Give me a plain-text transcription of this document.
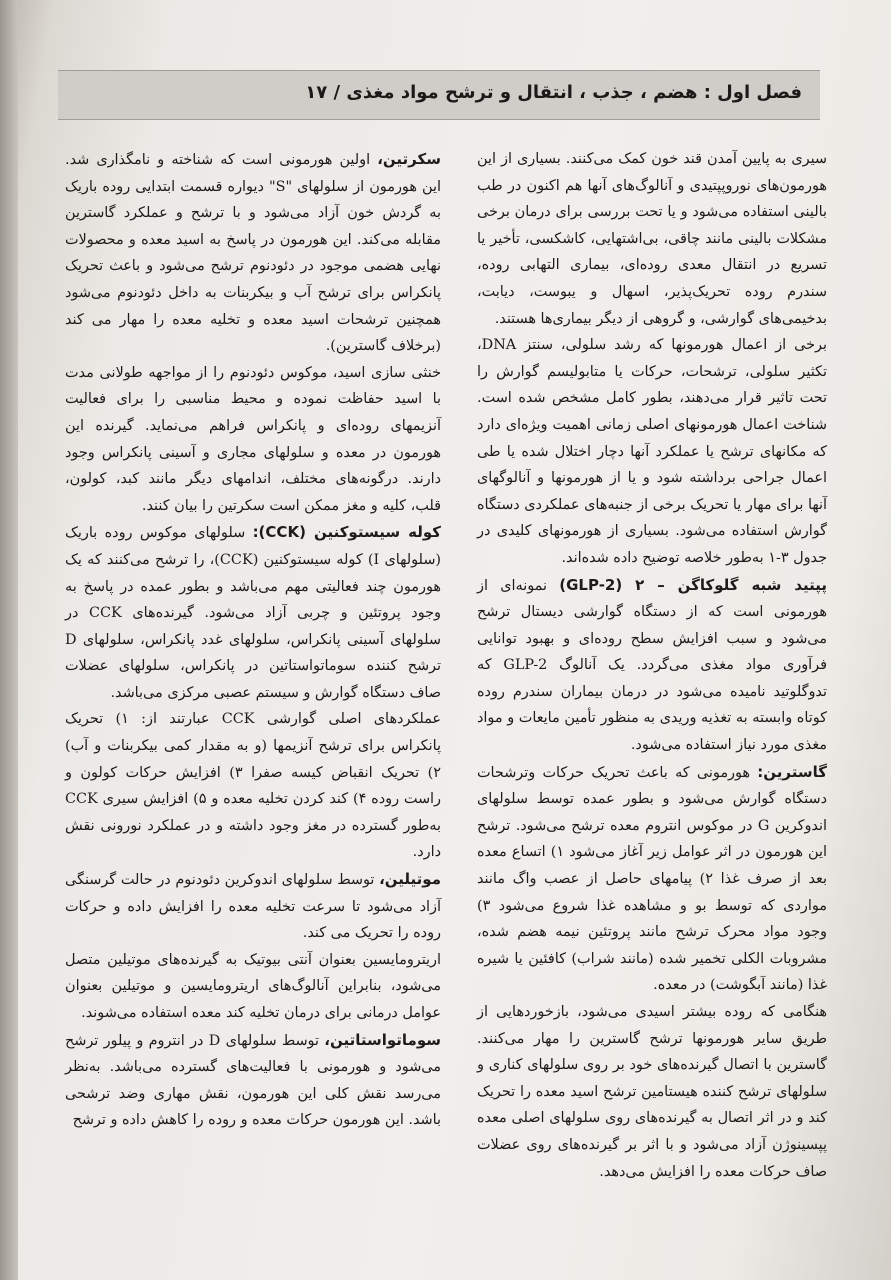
فصل اول : هضم ، جذب ، انتقال و ترشح مواد مغذی / ۱۷

سیری به پایین آمدن قند خون کمک می‌کنند. بسیاری از این هورمون‌های نوروپپتیدی و آنالوگ‌های آنها هم اکنون در طب بالینی استفاده می‌شود و یا تحت بررسی برای درمان برخی مشکلات بالینی مانند چاقی، بی‌اشتهایی، کاشکسی، تأخیر یا تسریع در انتقال معدی روده‌ای، بیماری التهابی روده، سندرم روده تحریک‌پذیر، اسهال و یبوست، دیابت، بدخیمی‌های گوارشی، و گروهی از دیگر بیماری‌ها هستند.

برخی از اعمال هورمونها که رشد سلولی، سنتز DNA، تکثیر سلولی، ترشحات، حرکات یا متابولیسم گوارش را تحت تاثیر قرار می‌دهند، بطور کامل مشخص شده است. شناخت اعمال هورمونهای اصلی زمانی اهمیت ویژه‌ای دارد که مکانهای ترشح یا عملکرد آنها دچار اختلال شده یا طی اعمال جراحی برداشته شود و یا از هورمونها و آنالوگهای آنها برای مهار یا تحریک برخی از جنبه‌های عملکردی دستگاه گوارش استفاده می‌شود. بسیاری از هورمونهای کلیدی در جدول ۳-۱ به‌طور خلاصه توضیح داده شده‌اند.

پپتید شبه گلوکاگن – ۲ (GLP-2) نمونه‌ای از هورمونی است که از دستگاه گوارشی دیستال ترشح می‌شود و سبب افزایش سطح روده‌ای و بهبود توانایی فرآوری مواد مغذی می‌گردد. یک آنالوگ GLP-2 که تدوگلوتید نامیده می‌شود در درمان بیماران سندرم روده کوتاه وابسته به تغذیه وریدی به منظور تأمین مایعات و مواد مغذی مورد نیاز استفاده می‌شود.

گاسترین: هورمونی که باعث تحریک حرکات وترشحات دستگاه گوارش می‌شود و بطور عمده توسط سلولهای اندوکرین G در موکوس انتروم معده ترشح می‌شود. ترشح این هورمون در اثر عوامل زیر آغاز می‌شود ۱) اتساع معده بعد از صرف غذا ۲) پیامهای حاصل از عصب واگ مانند مواردی که توسط بو و مشاهده غذا شروع می‌شود ۳) وجود مواد محرک ترشح مانند پروتئین نیمه هضم شده، مشروبات الکلی تخمیر شده (مانند شراب) کافئین یا شیره غذا (مانند آبگوشت) در معده.

هنگامی که روده بیشتر اسیدی می‌شود، بازخوردهایی از طریق سایر هورمونها ترشح گاسترین را مهار می‌کنند. گاسترین با اتصال گیرنده‌های خود بر روی سلولهای کناری و سلولهای ترشح کننده هیستامین ترشح اسید معده را تحریک کند و در اثر اتصال به گیرنده‌های روی سلولهای اصلی معده پپسینوژن آزاد می‌شود و با اثر بر گیرنده‌های روی عضلات صاف حرکات معده را افزایش می‌دهد.

سکرتین، اولین هورمونی است که شناخته و نامگذاری شد. این هورمون از سلولهای "S" دیواره قسمت ابتدایی روده باریک به گردش خون آزاد می‌شود و با ترشح و عملکرد گاسترین مقابله می‌کند. این هورمون در پاسخ به اسید معده و محصولات نهایی هضمی موجود در دئودنوم ترشح می‌شود و باعث تحریک پانکراس برای ترشح آب و بیکربنات به داخل دئودنوم می‌شود همچنین ترشحات اسید معده و تخلیه معده را مهار می‌ کند (برخلاف گاسترین).

خنثی سازی اسید، موکوس دئودنوم را از مواجهه طولانی مدت با اسید حفاظت نموده و محیط مناسبی را برای فعالیت آنزیمهای روده‌ای و پانکراس فراهم می‌نماید. گیرنده این هورمون در معده و سلولهای مجاری و آسینی پانکراس وجود دارند. درگونه‌های مختلف، اندامهای دیگر مانند کبد، کولون، قلب، کلیه و مغز ممکن است سکرتین را بیان کنند.

کوله سیستوکنین (CCK): سلولهای موکوس روده باریک (سلولهای I) کوله سیستوکنین (CCK)، را ترشح می‌کنند که یک هورمون چند فعالیتی مهم می‌باشد و بطور عمده در پاسخ به وجود پروتئین و چربی آزاد می‌شود. گیرنده‌های CCK در سلولهای آسینی پانکراس، سلولهای غدد پانکراس، سلولهای D ترشح کننده سوماتواستاتین در پانکراس، سلولهای عضلات صاف دستگاه گوارش و سیستم عصبی مرکزی می‌باشد.

عملکردهای اصلی گوارشی CCK عبارتند از: ۱) تحریک پانکراس برای ترشح آنزیمها (و به مقدار کمی بیکربنات و آب) ۲) تحریک انقباض کیسه صفرا ۳) افزایش حرکات کولون و راست روده ۴) کند کردن تخلیه معده و ۵) افزایش سیری CCK به‌طور گسترده در مغز وجود داشته و در عملکرد نورونی نقش دارد.

موتیلین، توسط سلولهای اندوکرین دئودنوم در حالت گرسنگی آزاد می‌شود تا سرعت تخلیه معده را افزایش داده و حرکات روده را تحریک می‌ کند.

اریترومایسین بعنوان آنتی بیوتیک به گیرنده‌های موتیلین متصل می‌شود، بنابراین آنالوگ‌های اریترومایسین و موتیلین بعنوان عوامل درمانی برای درمان تخلیه کند معده استفاده می‌شوند.

سوماتواستاتین، توسط سلولهای D در انتروم و پیلور ترشح می‌شود و هورمونی با فعالیت‌های گسترده می‌باشد. به‌نظر می‌رسد نقش کلی این هورمون، نقش مهاری وضد ترشحی باشد. این هورمون حرکات معده و روده را کاهش داده و ترشح
